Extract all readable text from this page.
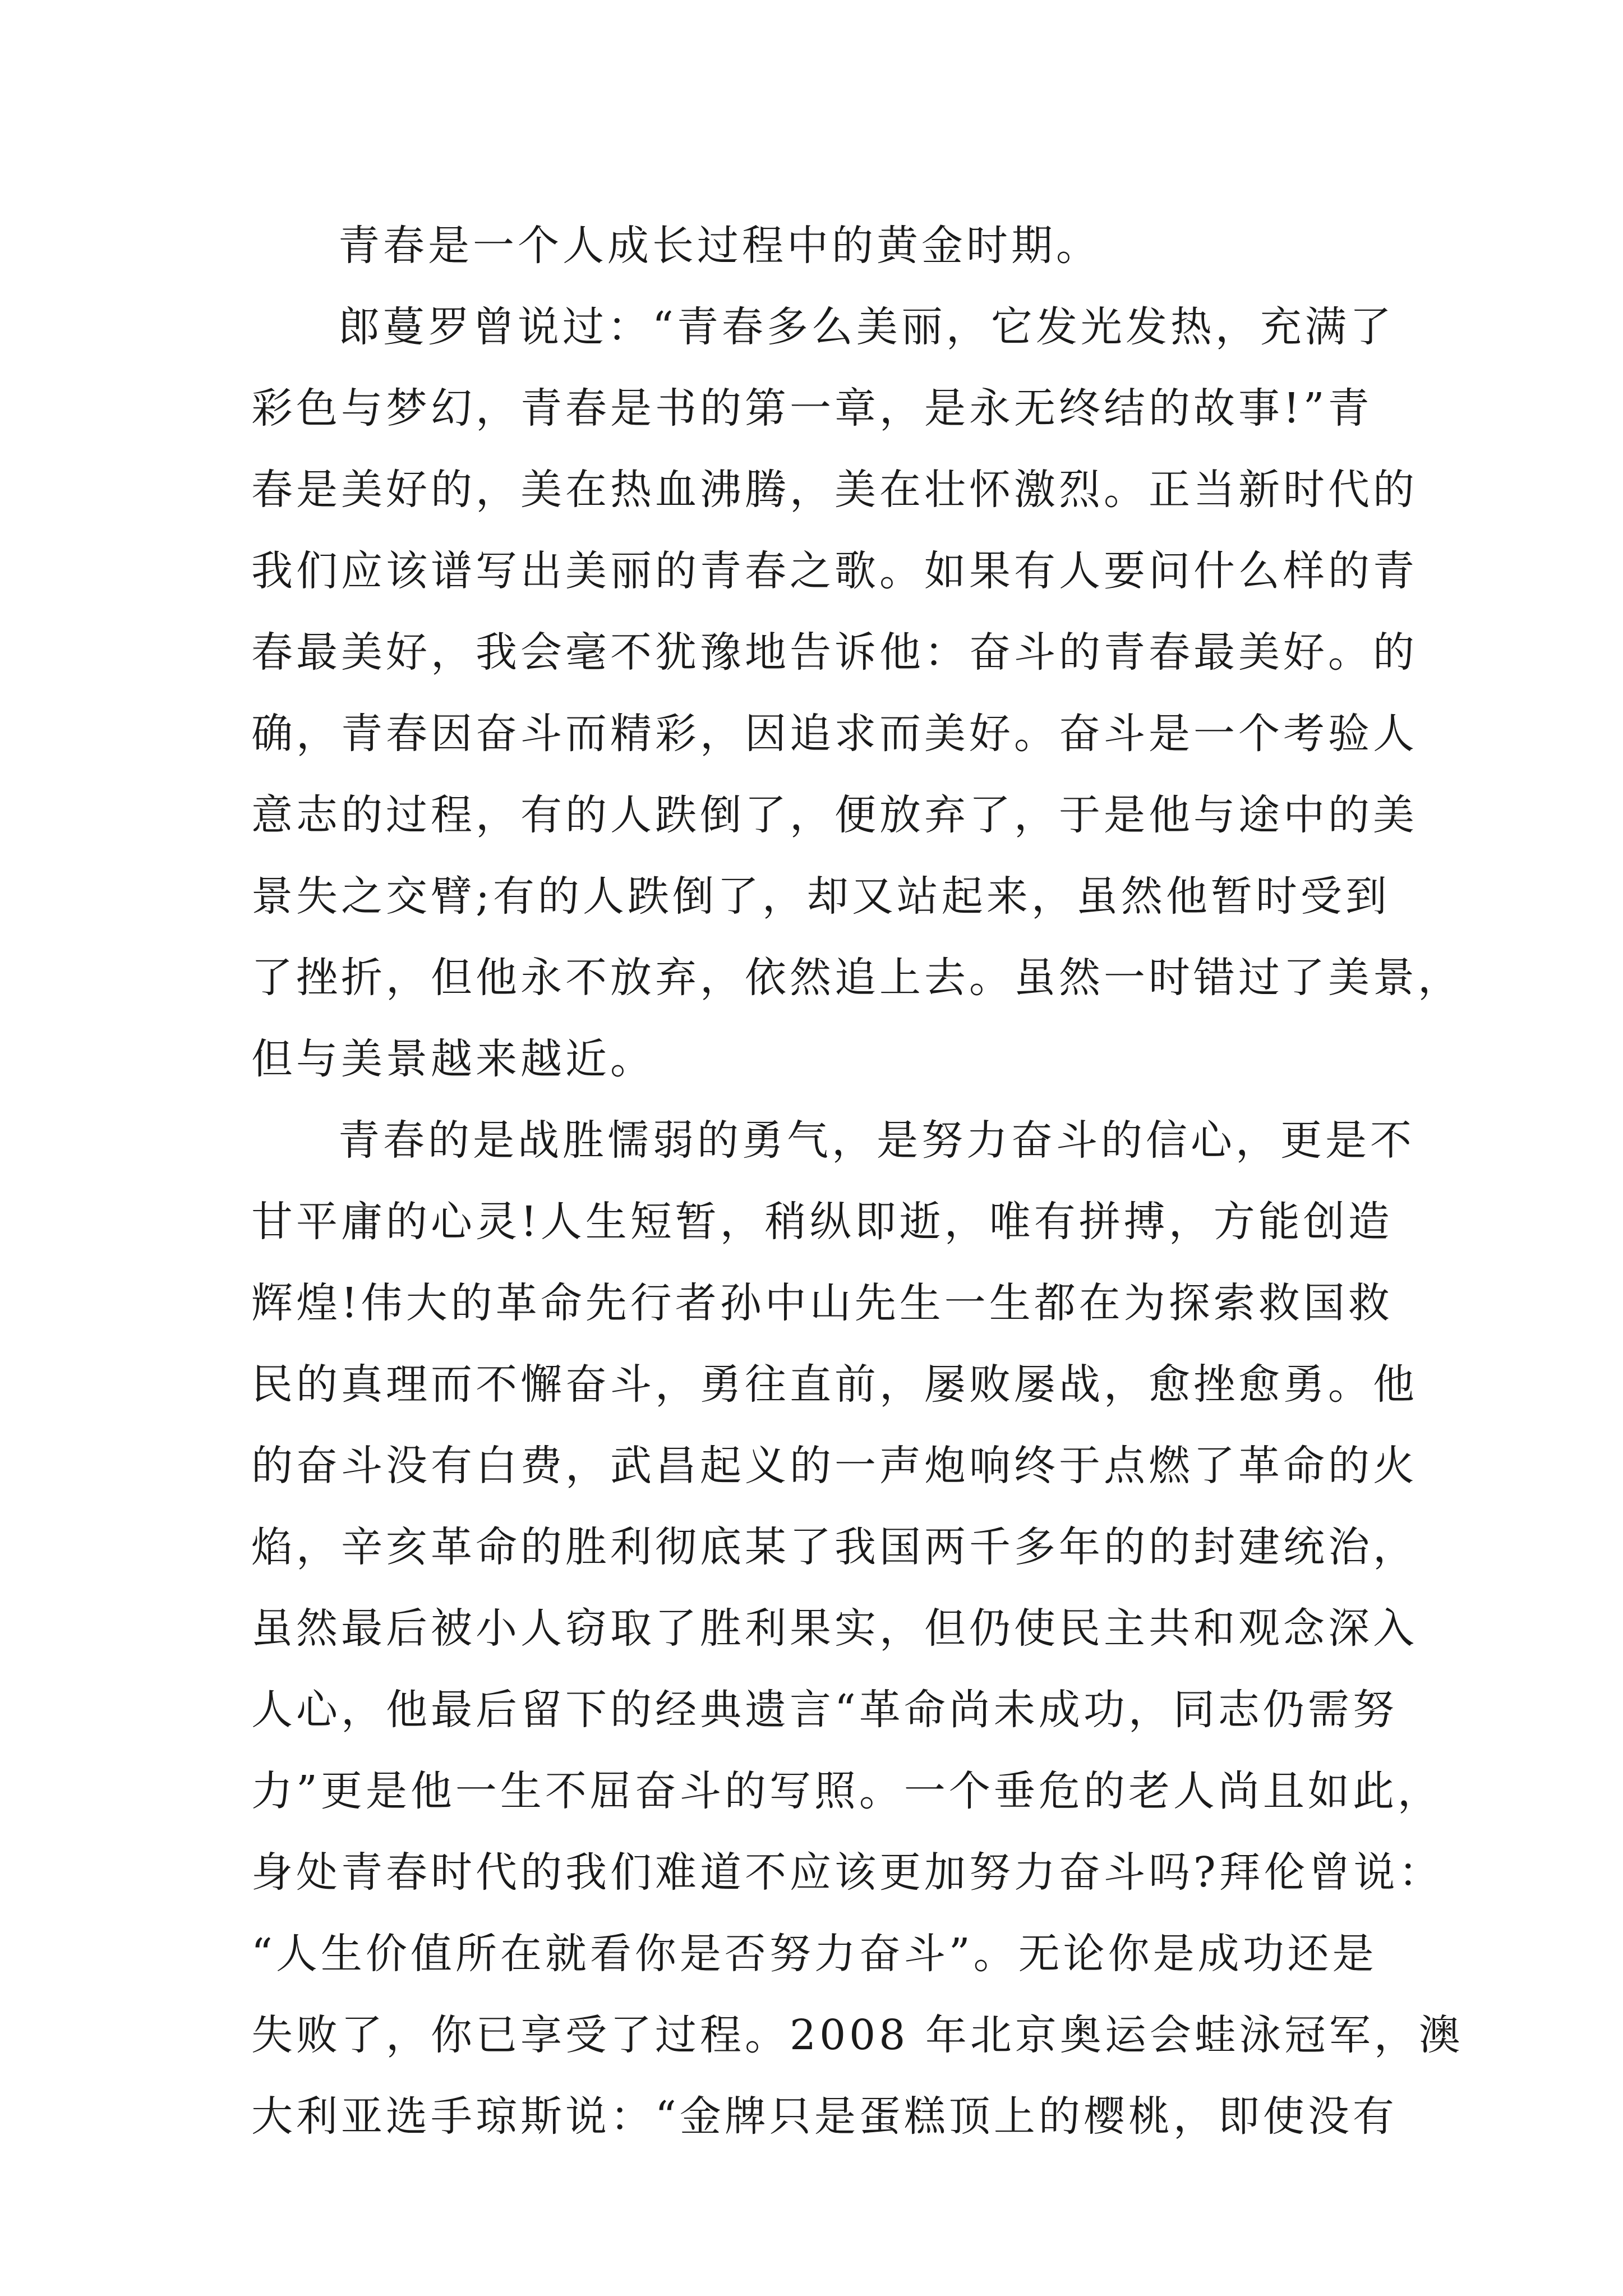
青春是一个人成长过程中的黄金时期。
郎蔓罗曾说过：“青春多么美丽，它发光发热，充满了
彩色与梦幻，青春是书的第一章，是永无终结的故事!”青
春是美好的，美在热血沸腾，美在壮怀激烈。正当新时代的
我们应该谱写出美丽的青春之歌。如果有人要问什么样的青
春最美好，我会毫不犹豫地告诉他：奋斗的青春最美好。的
确，青春因奋斗而精彩，因追求而美好。奋斗是一个考验人
意志的过程，有的人跌倒了，便放弃了，于是他与途中的美
景失之交臂;有的人跌倒了，却又站起来，虽然他暂时受到
了挫折，但他永不放弃，依然追上去。虽然一时错过了美景，
但与美景越来越近。
青春的是战胜懦弱的勇气，是努力奋斗的信心，更是不
甘平庸的心灵!人生短暂，稍纵即逝，唯有拼搏，方能创造
辉煌!伟大的革命先行者孙中山先生一生都在为探索救国救
民的真理而不懈奋斗，勇往直前，屡败屡战，愈挫愈勇。他
的奋斗没有白费，武昌起义的一声炮响终于点燃了革命的火
焰，辛亥革命的胜利彻底某了我国两千多年的的封建统治，
虽然最后被小人窃取了胜利果实，但仍使民主共和观念深入
人心，他最后留下的经典遗言“革命尚未成功，同志仍需努
力”更是他一生不屈奋斗的写照。一个垂危的老人尚且如此，
身处青春时代的我们难道不应该更加努力奋斗吗?拜伦曾说：
“人生价值所在就看你是否努力奋斗”。无论你是成功还是
失败了，你已享受了过程。2008 年北京奥运会蛙泳冠军，澳
大利亚选手琼斯说：“金牌只是蛋糕顶上的樱桃，即使没有
